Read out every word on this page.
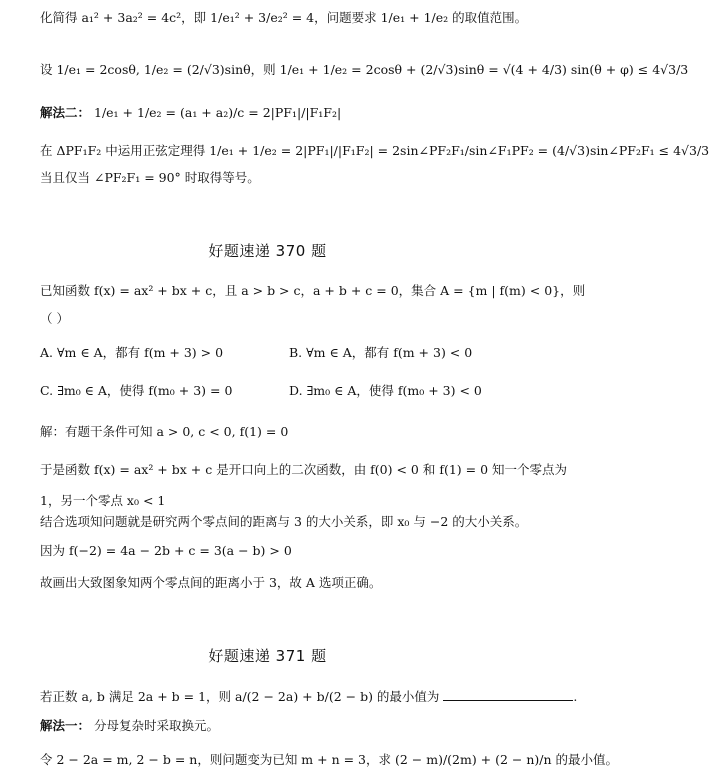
化简得 a₁² + 3a₂² = 4c²，即 1/e₁² + 3/e₂² = 4，问题要求 1/e₁ + 1/e₂ 的取值范围。
设 1/e₁ = 2cosθ, 1/e₂ = (2/√3)sinθ，则 1/e₁ + 1/e₂ = 2cosθ + (2/√3)sinθ = √(4 + 4/3) sin(θ + φ) ≤ 4√3/3
解法二： 1/e₁ + 1/e₂ = (a₁ + a₂)/c = 2|PF₁|/|F₁F₂|
在 ΔPF₁F₂ 中运用正弦定理得 1/e₁ + 1/e₂ = 2|PF₁|/|F₁F₂| = 2sin∠PF₂F₁/sin∠F₁PF₂ = (4/√3)sin∠PF₂F₁ ≤ 4√3/3
当且仅当 ∠PF₂F₁ = 90° 时取得等号。
好题速递 370 题
已知函数 f(x) = ax² + bx + c，且 a > b > c，a + b + c = 0，集合 A = {m | f(m) < 0}，则
（ ）
A. ∀m ∈ A，都有 f(m + 3) > 0	B. ∀m ∈ A，都有 f(m + 3) < 0
C. ∃m₀ ∈ A，使得 f(m₀ + 3) = 0	D. ∃m₀ ∈ A，使得 f(m₀ + 3) < 0
解：有题干条件可知 a > 0, c < 0, f(1) = 0
于是函数 f(x) = ax² + bx + c 是开口向上的二次函数，由 f(0) < 0 和 f(1) = 0 知一个零点为
1，另一个零点 x₀ < 1
结合选项知问题就是研究两个零点间的距离与 3 的大小关系，即 x₀ 与 −2 的大小关系。
因为 f(−2) = 4a − 2b + c = 3(a − b) > 0
故画出大致图象知两个零点间的距离小于 3，故 A 选项正确。
好题速递 371 题
若正数 a, b 满足 2a + b = 1，则 a/(2 − 2a) + b/(2 − b) 的最小值为	.
解法一： 分母复杂时采取换元。
令 2 − 2a = m, 2 − b = n，则问题变为已知 m + n = 3，求 (2 − m)/(2m) + (2 − n)/n 的最小值。
